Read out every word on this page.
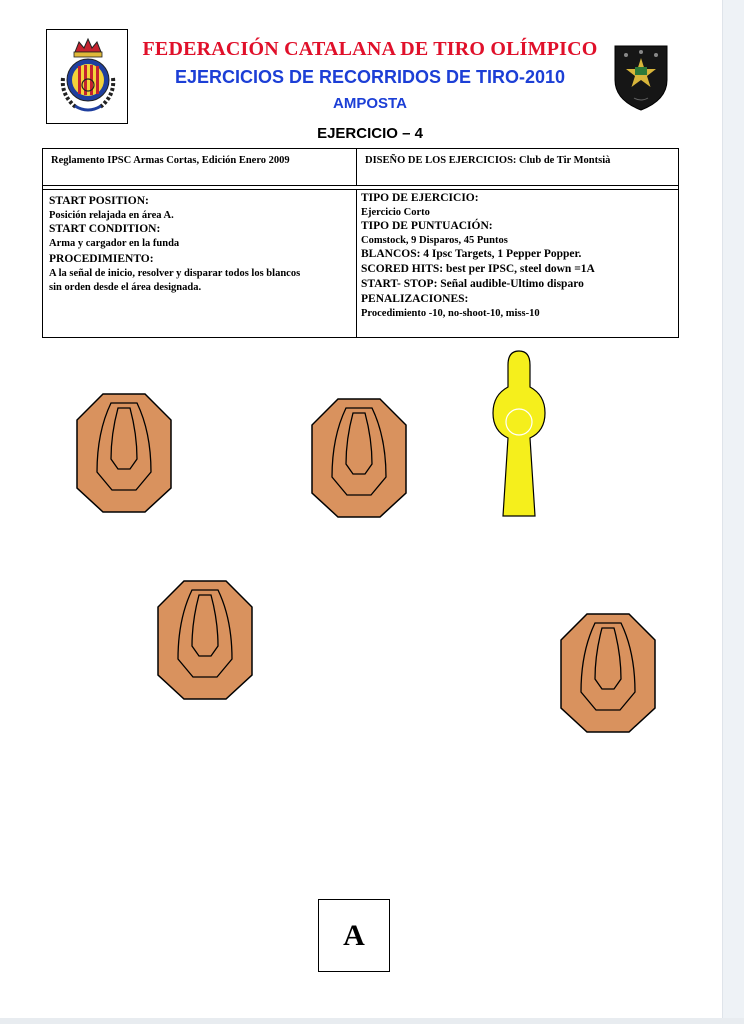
FEDERACIÓN CATALANA DE TIRO OLÍMPICO
EJERCICIOS DE RECORRIDOS DE TIRO-2010
AMPOSTA
EJERCICIO – 4
Reglamento IPSC Armas Cortas, Edición Enero 2009	DISEÑO DE LOS EJERCICIOS: Club de Tir Montsià
START POSITION:
Posición relajada en área A.
START CONDITION:
Arma y cargador en la funda
PROCEDIMIENTO:
A la señal de inicio, resolver y disparar todos los blancos
sin orden desde el área designada.
TIPO DE EJERCICIO:
Ejercicio Corto
TIPO DE PUNTUACIÓN:
Comstock, 9 Disparos, 45 Puntos
BLANCOS: 4 Ipsc Targets, 1 Pepper Popper.
SCORED HITS: best per IPSC, steel down =1A
START- STOP: Señal audible-Ultimo disparo
PENALIZACIONES:
Procedimiento -10, no-shoot-10, miss-10
A
